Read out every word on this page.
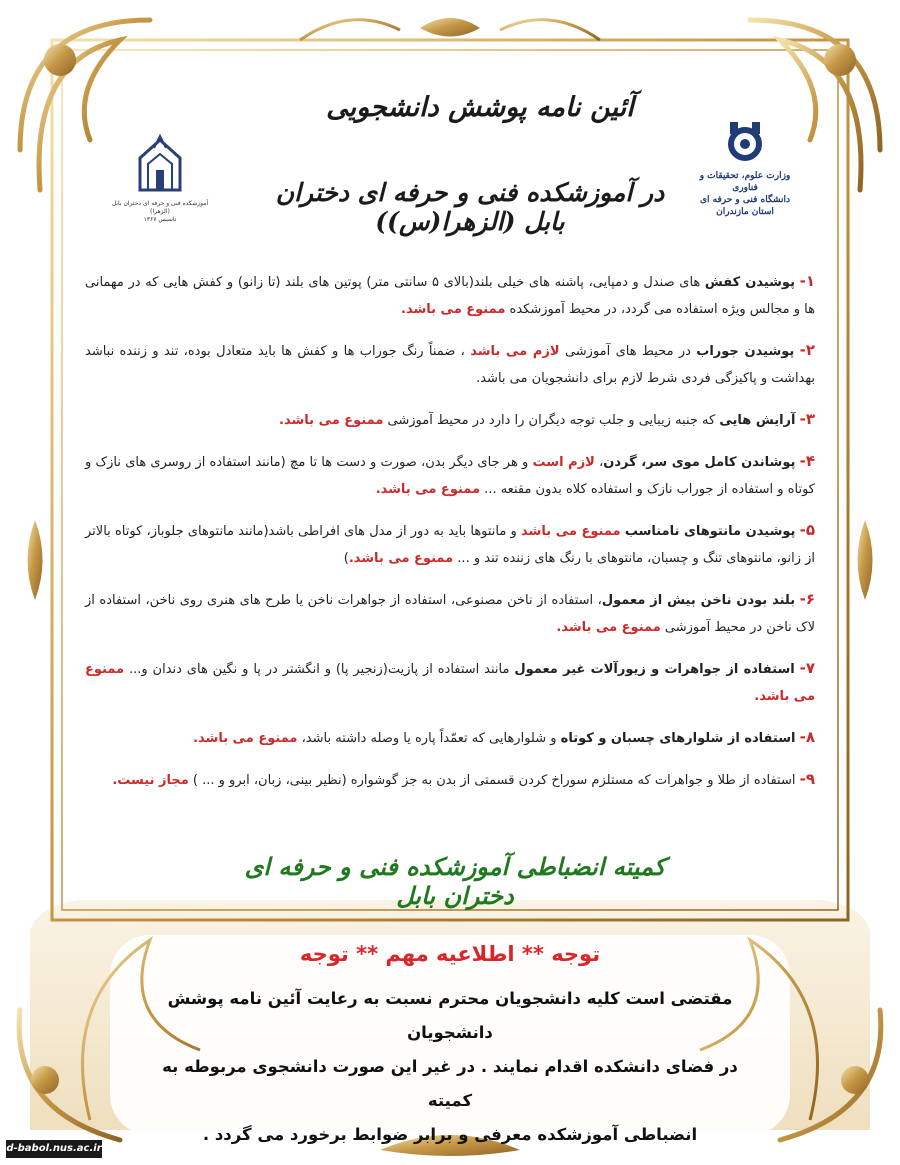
آئین نامه پوشش دانشجویی
در آموزشکده فنی و حرفه ای دختران بابل (الزهرا(س))
آموزشکده فنی و حرفه ای دختران بابل (الزهرا)
تاسیس ۱۳۶۷
وزارت علوم، تحقیقات و فناوری
دانشگاه فنی و حرفه ای
استان مازندران

۱- پوشیدن کفش های صندل و دمپایی، پاشنه های خیلی بلند(بالای ۵ سانتی متر) پوتین های بلند (تا زانو) و کفش هایی که در مهمانی ها و مجالس ویژه استفاده می گردد، در محیط آموزشکده ممنوع می باشد.

۲- پوشیدن جوراب در محیط های آموزشی لازم می باشد ، ضمناً رنگ جوراب ها و کفش ها باید متعادل بوده، تند و زننده نباشد بهداشت و پاکیزگی فردی شرط لازم برای دانشجویان می باشد.

۳- آرایش هایی که جنبه زیبایی و جلب توجه دیگران را دارد در محیط آموزشی ممنوع می باشد.

۴- پوشاندن کامل موی سر، گردن، لازم است و هر جای دیگر بدن، صورت و دست ها تا مچ (مانند استفاده از روسری های نازک و کوتاه و استفاده از جوراب نازک و استفاده کلاه بدون مقنعه ... ممنوع می باشد.

۵- پوشیدن مانتوهای نامناسب ممنوع می باشد و مانتوها باید به دور از مدل های افراطی باشد(مانند مانتوهای جلوباز، کوتاه بالاتر از زانو، مانتوهای تنگ و چسبان، مانتوهای با رنگ های زننده تند و ... ممنوع می باشد.)

۶- بلند بودن ناخن بیش از معمول، استفاده از ناخن مصنوعی، استفاده از جواهرات ناخن یا طرح های هنری روی ناخن، استفاده از لاک ناخن در محیط آموزشی ممنوع می باشد.

۷- استفاده از جواهرات و زیورآلات غیر معمول مانند استفاده از پازیت(زنجیر پا) و انگشتر در پا و نگین های دندان و... ممنوع می باشد.

۸- استفاده از شلوارهای چسبان و کوتاه و شلوارهایی که تعمّداً پاره یا وصله داشته باشد، ممنوع می باشد.

۹- استفاده از طلا و جواهرات که مستلزم سوراخ کردن قسمتی از بدن به جز گوشواره (نظیر بینی، زبان، ابرو و ... ) مجاز نیست.

کمیته انضباطی آموزشکده فنی و حرفه ای دختران بابل
توجه ** اطلاعیه مهم ** توجه
مقتضی است کلیه دانشجویان محترم نسبت به رعایت آئین نامه پوشش دانشجویان
در فضای دانشکده اقدام نمایند . در غیر این صورت دانشجوی مربوطه به کمیته
انضباطی آموزشکده معرفی و برابر ضوابط برخورد می گردد .
d-babol.nus.ac.ir
